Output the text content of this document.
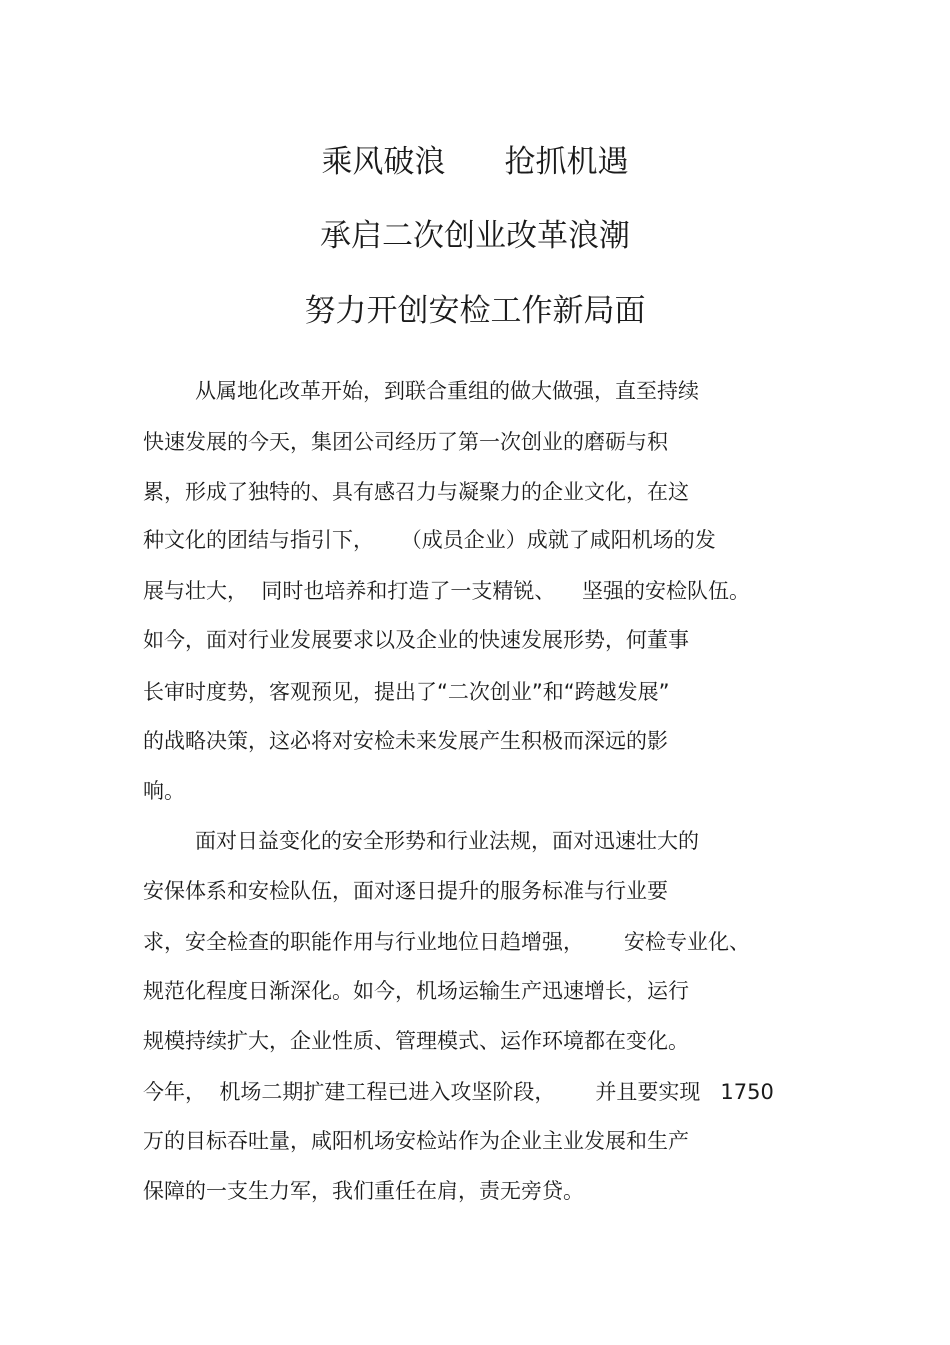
乘风破浪      抢抓机遇
承启二次创业改革浪潮
努力开创安检工作新局面
从属地化改革开始，到联合重组的做大做强，直至持续
快速发展的今天，集团公司经历了第一次创业的磨砺与积
累，形成了独特的、具有感召力与凝聚力的企业文化，在这
种文化的团结与指引下，    （成员企业）成就了咸阳机场的发
展与壮大，  同时也培养和打造了一支精锐、    坚强的安检队伍。
如今，面对行业发展要求以及企业的快速发展形势，何董事
长审时度势，客观预见，提出了“二次创业”和“跨越发展”
的战略决策，这必将对安检未来发展产生积极而深远的影
响。
面对日益变化的安全形势和行业法规，面对迅速壮大的
安保体系和安检队伍，面对逐日提升的服务标准与行业要
求，安全检查的职能作用与行业地位日趋增强，      安检专业化、
规范化程度日渐深化。如今，机场运输生产迅速增长，运行
规模持续扩大，企业性质、管理模式、运作环境都在变化。
今年，  机场二期扩建工程已进入攻坚阶段，      并且要实现   1750
万的目标吞吐量，咸阳机场安检站作为企业主业发展和生产
保障的一支生力军，我们重任在肩，责无旁贷。
